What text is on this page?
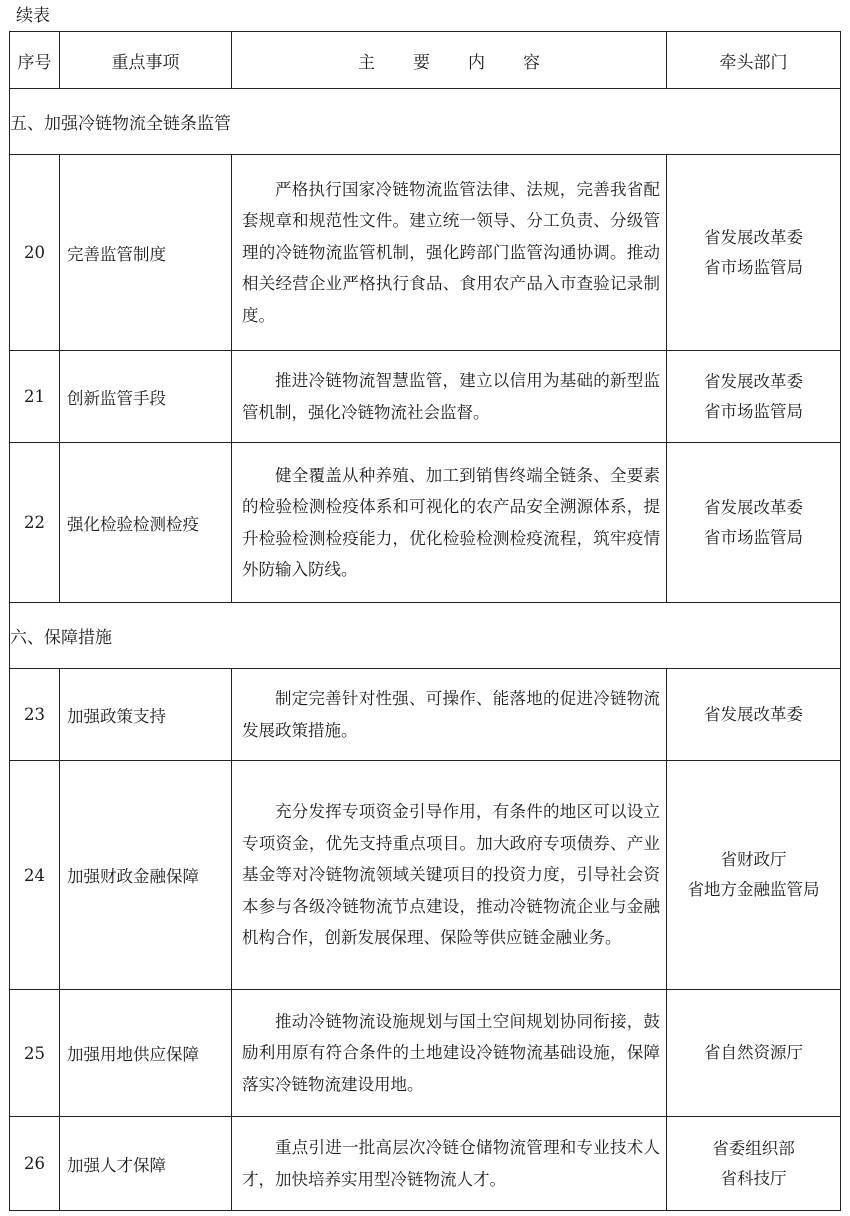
续表
序号	重点事项	主要内容	牵头部门
五、加强冷链物流全链条监管			
20	完善监管制度	严格执行国家冷链物流监管法律、法规，完善我省配套规章和规范性文件。建立统一领导、分工负责、分级管理的冷链物流监管机制，强化跨部门监管沟通协调。推动相关经营企业严格执行食品、食用农产品入市查验记录制度。	省发展改革委
省市场监管局

21	创新监管手段	推进冷链物流智慧监管，建立以信用为基础的新型监管机制，强化冷链物流社会监督。	省发展改革委
省市场监管局

22	强化检验检测检疫	健全覆盖从种养殖、加工到销售终端全链条、全要素的检验检测检疫体系和可视化的农产品安全溯源体系，提升检验检测检疫能力，优化检验检测检疫流程，筑牢疫情外防输入防线。	省发展改革委
省市场监管局

六、保障措施			
23	加强政策支持	制定完善针对性强、可操作、能落地的促进冷链物流发展政策措施。	省发展改革委

24	加强财政金融保障	充分发挥专项资金引导作用，有条件的地区可以设立专项资金，优先支持重点项目。加大政府专项债券、产业基金等对冷链物流领域关键项目的投资力度，引导社会资本参与各级冷链物流节点建设，推动冷链物流企业与金融机构合作，创新发展保理、保险等供应链金融业务。	省财政厅
省地方金融监管局

25	加强用地供应保障	推动冷链物流设施规划与国土空间规划协同衔接，鼓励利用原有符合条件的土地建设冷链物流基础设施，保障落实冷链物流建设用地。	省自然资源厅

26	加强人才保障	重点引进一批高层次冷链仓储物流管理和专业技术人才，加快培养实用型冷链物流人才。	省委组织部
省科技厅
